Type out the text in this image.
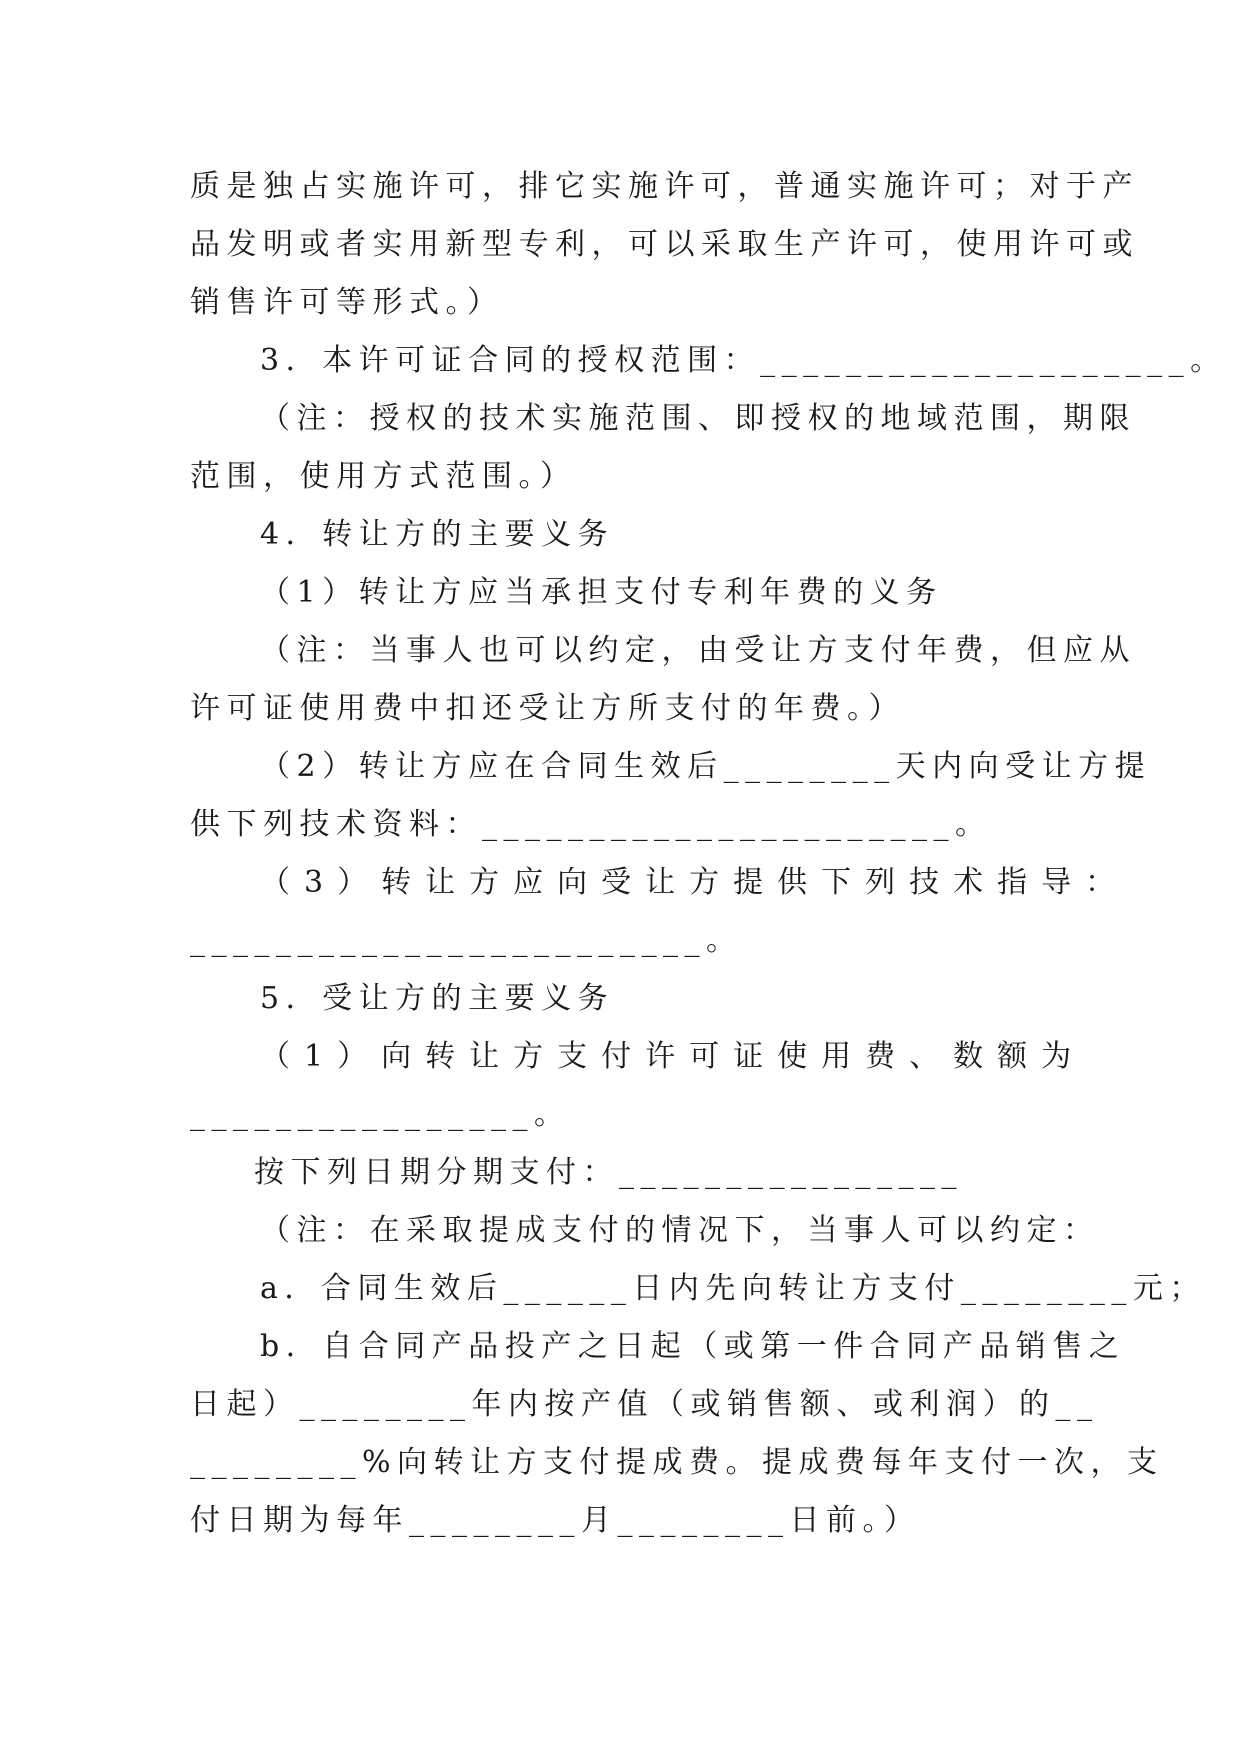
质是独占实施许可，排它实施许可，普通实施许可；对于产
品发明或者实用新型专利，可以采取生产许可，使用许可或
销售许可等形式。）
3．本许可证合同的授权范围：____________________。
（注：授权的技术实施范围、即授权的地域范围，期限
范围，使用方式范围。）
4．转让方的主要义务
（1）转让方应当承担支付专利年费的义务
（注：当事人也可以约定，由受让方支付年费，但应从
许可证使用费中扣还受让方所支付的年费。）
（2）转让方应在合同生效后________天内向受让方提
供下列技术资料：______________________。
（3）转让方应向受让方提供下列技术指导：
________________________。
5．受让方的主要义务
（1）向转让方支付许可证使用费、数额为
________________。
按下列日期分期支付：________________
（注：在采取提成支付的情况下，当事人可以约定：
a．合同生效后______日内先向转让方支付________元；
b．自合同产品投产之日起（或第一件合同产品销售之
日起）________年内按产值（或销售额、或利润）的__
________%向转让方支付提成费。提成费每年支付一次，支
付日期为每年________月________日前。）
